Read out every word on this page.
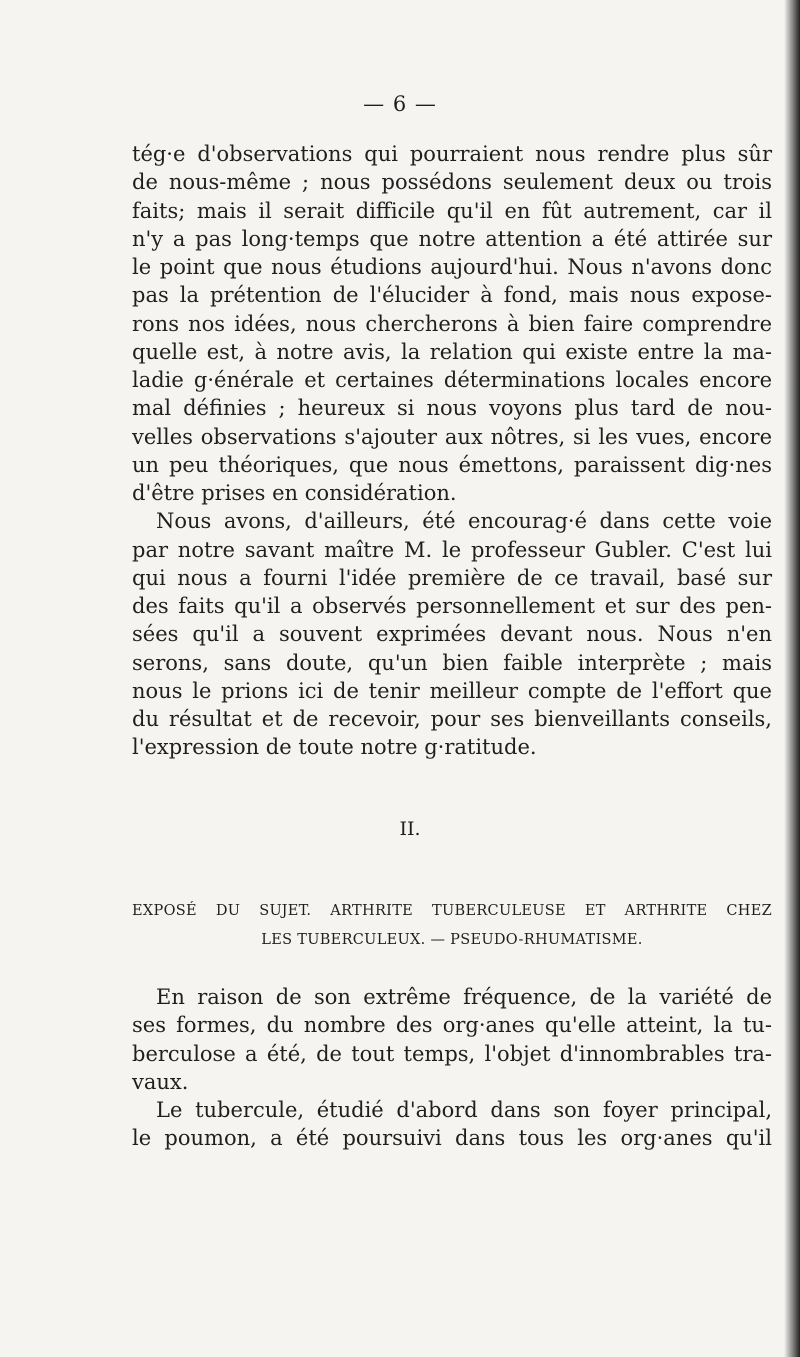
— 6 —
tég·e d'observations qui pourraient nous rendre plus sûr
de nous-même ; nous possédons seulement deux ou trois
faits; mais il serait difficile qu'il en fût autrement, car il
n'y a pas long·temps que notre attention a été attirée sur
le point que nous étudions aujourd'hui. Nous n'avons donc
pas la prétention de l'élucider à fond, mais nous expose-
rons nos idées, nous chercherons à bien faire comprendre
quelle est, à notre avis, la relation qui existe entre la ma-
ladie g·énérale et certaines déterminations locales encore
mal définies ; heureux si nous voyons plus tard de nou-
velles observations s'ajouter aux nôtres, si les vues, encore
un peu théoriques, que nous émettons, paraissent dig·nes
d'être prises en considération.
Nous avons, d'ailleurs, été encourag·é dans cette voie
par notre savant maître M. le professeur Gubler. C'est lui
qui nous a fourni l'idée première de ce travail, basé sur
des faits qu'il a observés personnellement et sur des pen-
sées qu'il a souvent exprimées devant nous. Nous n'en
serons, sans doute, qu'un bien faible interprète ; mais
nous le prions ici de tenir meilleur compte de l'effort que
du résultat et de recevoir, pour ses bienveillants conseils,
l'expression de toute notre g·ratitude.
II.
EXPOSÉ DU SUJET. ARTHRITE TUBERCULEUSE ET ARTHRITE CHEZ
LES TUBERCULEUX. — PSEUDO-RHUMATISME.
En raison de son extrême fréquence, de la variété de
ses formes, du nombre des org·anes qu'elle atteint, la tu-
berculose a été, de tout temps, l'objet d'innombrables tra-
vaux.
Le tubercule, étudié d'abord dans son foyer principal,
le poumon, a été poursuivi dans tous les org·anes qu'il
